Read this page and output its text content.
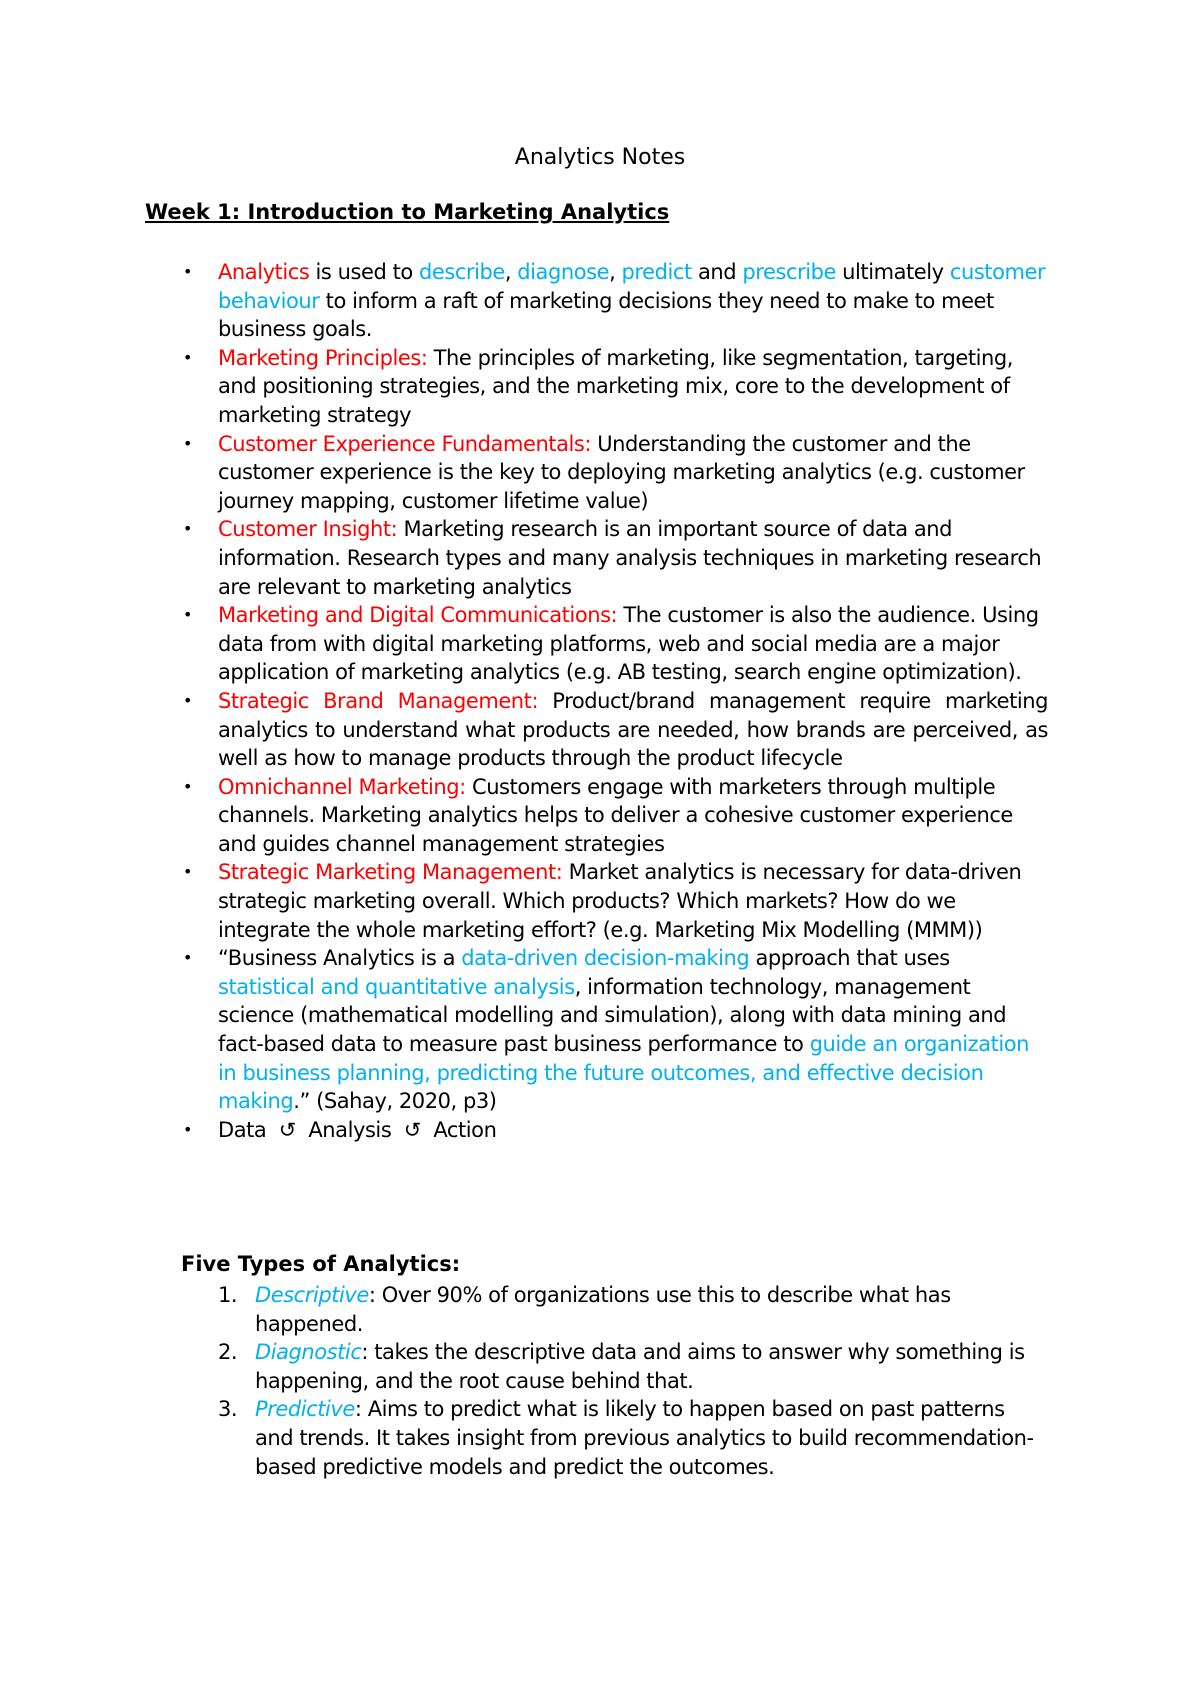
Analytics Notes
Week 1: Introduction to Marketing Analytics
• Analytics is used to describe, diagnose, predict and prescribe ultimately customer behaviour to inform a raft of marketing decisions they need to make to meet business goals.
• Marketing Principles: The principles of marketing, like segmentation, targeting, and positioning strategies, and the marketing mix, core to the development of marketing strategy
• Customer Experience Fundamentals: Understanding the customer and the customer experience is the key to deploying marketing analytics (e.g. customer journey mapping, customer lifetime value)
• Customer Insight: Marketing research is an important source of data and information. Research types and many analysis techniques in marketing research are relevant to marketing analytics
• Marketing and Digital Communications: The customer is also the audience. Using data from with digital marketing platforms, web and social media are a major application of marketing analytics (e.g. AB testing, search engine optimization).
• Strategic Brand Management: Product/brand management require marketing analytics to understand what products are needed, how brands are perceived, as well as how to manage products through the product lifecycle
• Omnichannel Marketing: Customers engage with marketers through multiple channels. Marketing analytics helps to deliver a cohesive customer experience and guides channel management strategies
• Strategic Marketing Management: Market analytics is necessary for data-driven strategic marketing overall. Which products? Which markets? How do we integrate the whole marketing effort? (e.g. Marketing Mix Modelling (MMM))
• “Business Analytics is a data-driven decision-making approach that uses statistical and quantitative analysis, information technology, management science (mathematical modelling and simulation), along with data mining and fact-based data to measure past business performance to guide an organization in business planning, predicting the future outcomes, and effective decision making.” (Sahay, 2020, p3)
• Data  ↺  Analysis  ↺  Action
Five Types of Analytics:
1. Descriptive: Over 90% of organizations use this to describe what has happened.
2. Diagnostic: takes the descriptive data and aims to answer why something is happening, and the root cause behind that.
3. Predictive: Aims to predict what is likely to happen based on past patterns and trends. It takes insight from previous analytics to build recommendation-based predictive models and predict the outcomes.
